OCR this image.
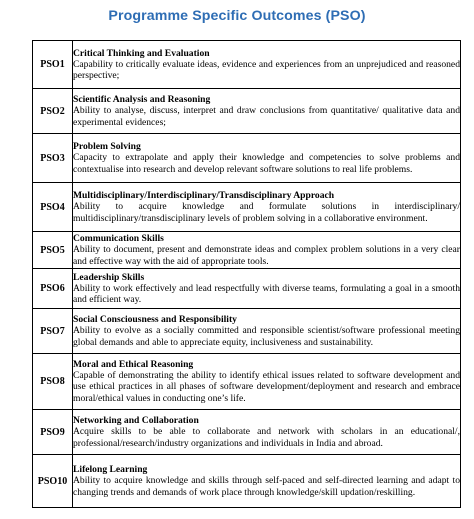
Programme Specific Outcomes (PSO)
PSO1	Critical Thinking and Evaluation
Capability to critically evaluate ideas, evidence and experiences from an unprejudiced and reasoned perspective;

PSO2	Scientific Analysis and Reasoning
Ability to analyse, discuss, interpret and draw conclusions from quantitative/ qualitative data and experimental evidences;

PSO3	Problem Solving
Capacity to extrapolate and apply their knowledge and competencies to solve problems and contextualise into research and develop relevant software solutions to real life problems.

PSO4	Multidisciplinary/Interdisciplinary/Transdisciplinary Approach
Ability to acquire knowledge and formulate solutions in interdisciplinary/ multidisciplinary/transdisciplinary levels of problem solving in a collaborative environment.

PSO5	Communication Skills
Ability to document, present and demonstrate ideas and complex problem solutions in a very clear and effective way with the aid of appropriate tools.

PSO6	Leadership Skills
Ability to work effectively and lead respectfully with diverse teams, formulating a goal in a smooth and efficient way.

PSO7	Social Consciousness and Responsibility
Ability to evolve as a socially committed and responsible scientist/software professional meeting global demands and able to appreciate equity, inclusiveness and sustainability.

PSO8	Moral and Ethical Reasoning
Capable of demonstrating the ability to identify ethical issues related to software development and use ethical practices in all phases of software development/deployment and research and embrace moral/ethical values in conducting one’s life.

PSO9	Networking and Collaboration
Acquire skills to be able to collaborate and network with scholars in an educational/, professional/research/industry organizations and individuals in India and abroad.

PSO10	Lifelong Learning
Ability to acquire knowledge and skills through self-paced and self-directed learning and adapt to changing trends and demands of work place through knowledge/skill updation/reskilling.
